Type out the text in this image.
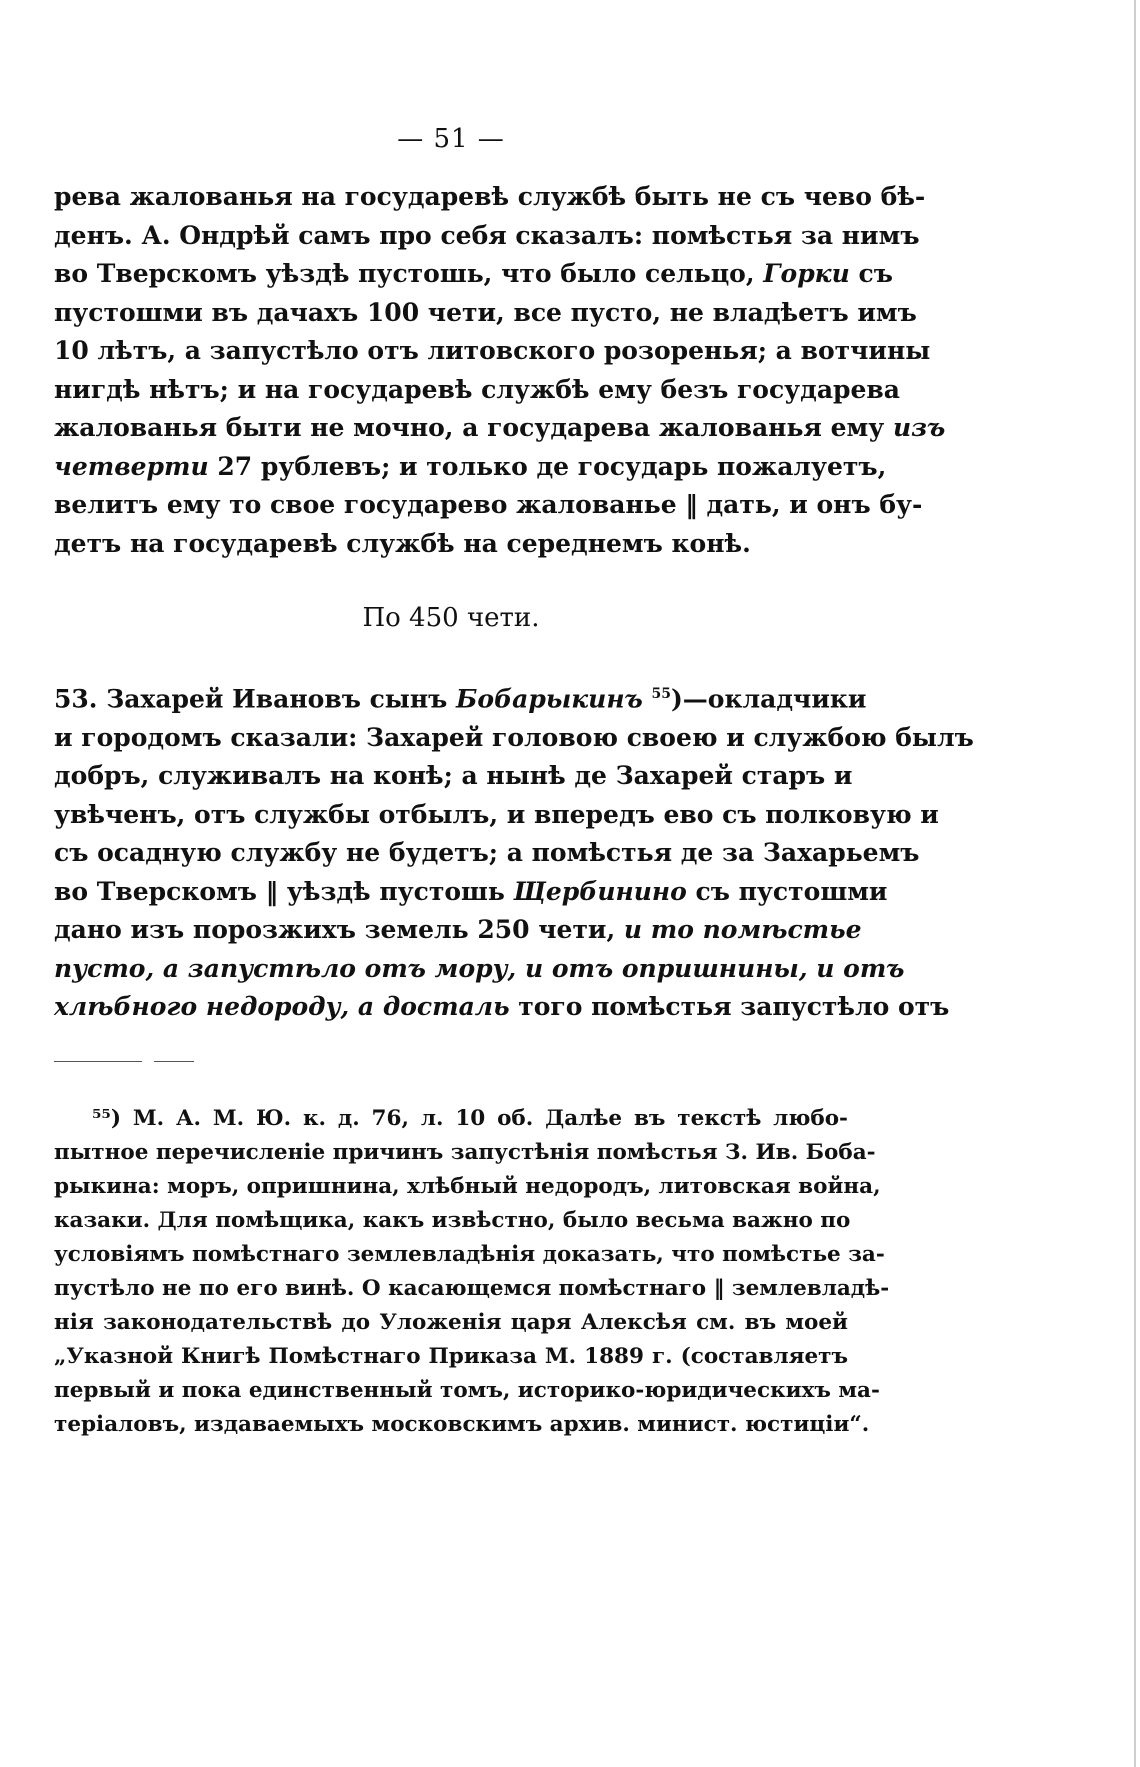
— 51 —
рева жалованья на государевѣ службѣ быть не съ чево бѣ-
денъ. А. Ондрѣй самъ про себя сказалъ: помѣстья за нимъ
во Тверскомъ уѣздѣ пустошь, что было сельцо, Горки съ
пустошми въ дачахъ 100 чети, все пусто, не владѣетъ имъ
10 лѣтъ, а запустѣло отъ литовского розоренья; а вотчины
нигдѣ нѣтъ; и на государевѣ службѣ ему безъ государева
жалованья быти не мочно, а государева жалованья ему изъ
четверти 27 рублевъ; и только де государь пожалуетъ,
велитъ ему то свое государево жалованье ‖ дать, и онъ бу-
детъ на государевѣ службѣ на середнемъ конѣ.
По 450 чети.
53. Захарей Ивановъ сынъ Бобарыкинъ $^{55}$)—окладчики
и городомъ сказали: Захарей головою своею и службою былъ
добръ, служивалъ на конѣ; а нынѣ де Захарей старъ и
увѣченъ, отъ службы отбылъ, и впередъ ево съ полковую и
съ осадную службу не будетъ; а помѣстья де за Захарьемъ
во Тверскомъ ‖ уѣздѣ пустошь Щербинино съ пустошми
дано изъ порозжихъ земель 250 чети, и то помѣстье
пусто, а запустѣло отъ мору, и отъ опришнины, и отъ
хлѣбного недороду, а досталь того помѣстья запустѣло отъ
⁵⁵) М. А. М. Ю. к. д. 76, л. 10 об. Далѣе въ текстѣ любо-
пытное перечисленіе причинъ запустѣнія помѣстья З. Ив. Боба-
рыкина: моръ, опришнина, хлѣбный недородъ, литовская война,
казаки. Для помѣщика, какъ извѣстно, было весьма важно по
условіямъ помѣстнаго землевладѣнія доказать, что помѣстье за-
пустѣло не по его винѣ. О касающемся помѣстнаго ‖ землевладѣ-
нія законодательствѣ до Уложенія царя Алексѣя см. въ моей
„Указной Книгѣ Помѣстнаго Приказа М. 1889 г. (составляетъ
первый и пока единственный томъ, историко-юридическихъ ма-
теріаловъ, издаваемыхъ московскимъ архив. минист. юстиціи“.
